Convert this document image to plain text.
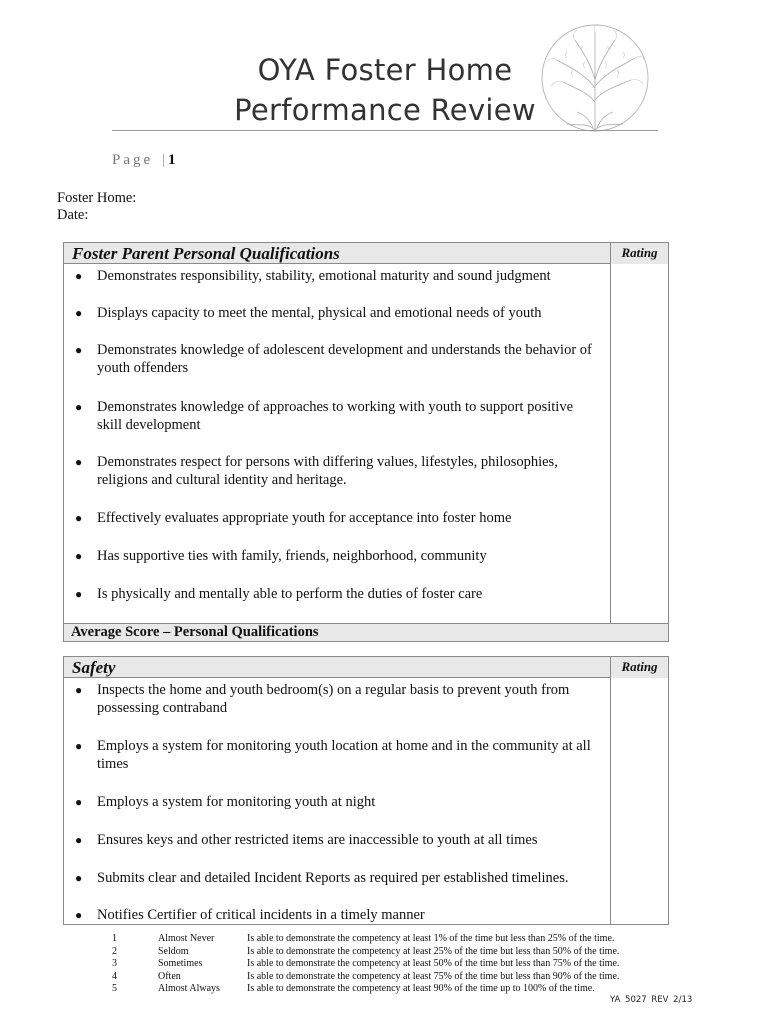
OYA Foster Home
Performance Review
Page |1
Foster Home:
Date:
Foster Parent Personal Qualifications	Rating
● Demonstrates responsibility, stability, emotional maturity and sound judgment
● Displays capacity to meet the mental, physical and emotional needs of youth
● Demonstrates knowledge of adolescent development and understands the behavior of youth offenders
● Demonstrates knowledge of approaches to working with youth to support positive skill development
● Demonstrates respect for persons with differing values, lifestyles, philosophies, religions and cultural identity and heritage.
● Effectively evaluates appropriate youth for acceptance into foster home
● Has supportive ties with family, friends, neighborhood, community
● Is physically and mentally able to perform the duties of foster care
Average Score – Personal Qualifications
Safety	Rating
● Inspects the home and youth bedroom(s) on a regular basis to prevent youth from possessing contraband
● Employs a system for monitoring youth location at home and in the community at all times
● Employs a system for monitoring youth at night
● Ensures keys and other restricted items are inaccessible to youth at all times
● Submits clear and detailed Incident Reports as required per established timelines.
● Notifies Certifier of critical incidents in a timely manner
1	Almost Never	Is able to demonstrate the competency at least 1% of the time but less than 25% of the time.
2	Seldom	Is able to demonstrate the competency at least 25% of the time but less than 50% of the time.
3	Sometimes	Is able to demonstrate the competency at least 50% of the time but less than 75% of the time.
4	Often	Is able to demonstrate the competency at least 75% of the time but less than 90% of the time.
5	Almost Always	Is able to demonstrate the competency at least 90% of the time up to 100% of the time.
YA 5027 REV 2/13
